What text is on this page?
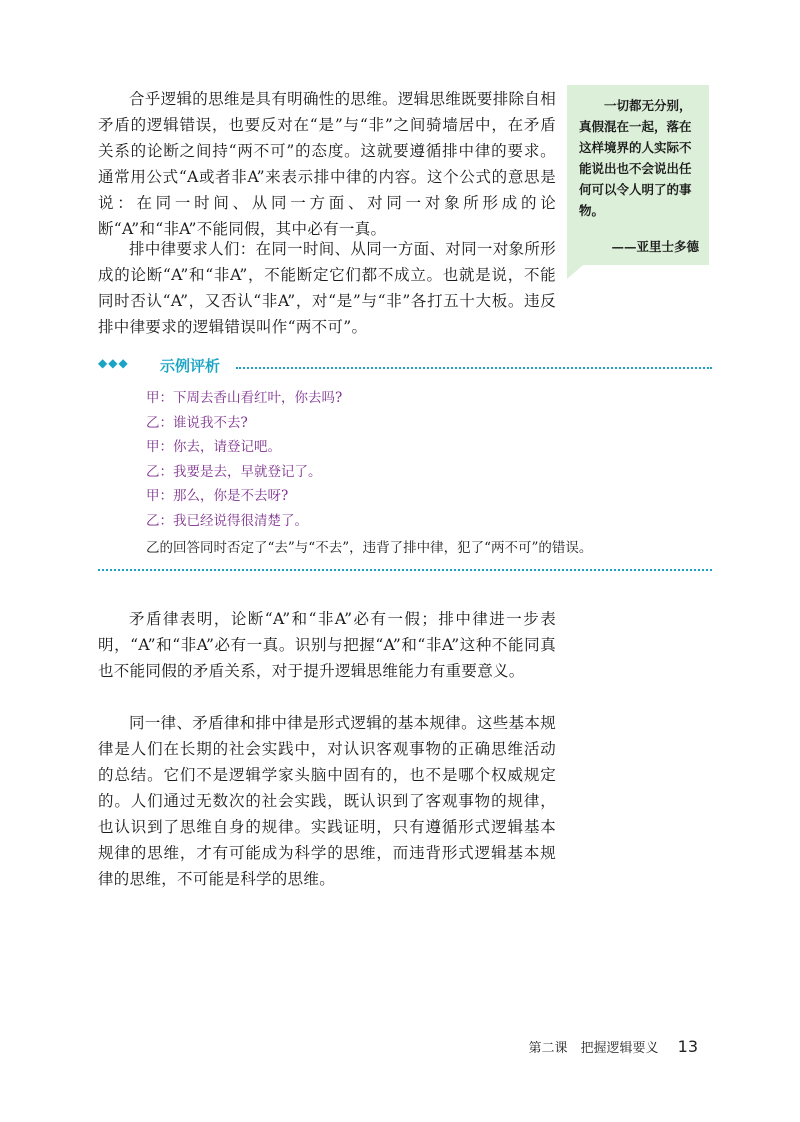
合乎逻辑的思维是具有明确性的思维。逻辑思维既要排除自相矛盾的逻辑错误，也要反对在“是”与“非”之间骑墙居中，在矛盾关系的论断之间持“两不可”的态度。这就要遵循排中律的要求。通常用公式“A或者非A”来表示排中律的内容。这个公式的意思是说：在同一时间、从同一方面、对同一对象所形成的论断“A”和“非A”不能同假，其中必有一真。

排中律要求人们：在同一时间、从同一方面、对同一对象所形成的论断“A”和“非A”，不能断定它们都不成立。也就是说，不能同时否认“A”，又否认“非A”，对“是”与“非”各打五十大板。违反排中律要求的逻辑错误叫作“两不可”。

一切都无分别，真假混在一起，落在这样境界的人实际不能说出也不会说出任何可以令人明了的事物。

——亚里士多德

◆◆◆ 示例评析
甲：下周去香山看红叶，你去吗?
乙：谁说我不去?
甲：你去，请登记吧。
乙：我要是去，早就登记了。
甲：那么，你是不去呀?
乙：我已经说得很清楚了。

乙的回答同时否定了“去”与“不去”，违背了排中律，犯了“两不可”的错误。

矛盾律表明，论断“A”和“非A”必有一假；排中律进一步表明，“A”和“非A”必有一真。识别与把握“A”和“非A”这种不能同真也不能同假的矛盾关系，对于提升逻辑思维能力有重要意义。

同一律、矛盾律和排中律是形式逻辑的基本规律。这些基本规律是人们在长期的社会实践中，对认识客观事物的正确思维活动的总结。它们不是逻辑学家头脑中固有的，也不是哪个权威规定的。人们通过无数次的社会实践，既认识到了客观事物的规律，也认识到了思维自身的规律。实践证明，只有遵循形式逻辑基本规律的思维，才有可能成为科学的思维，而违背形式逻辑基本规律的思维，不可能是科学的思维。

第二课　把握逻辑要义 13
